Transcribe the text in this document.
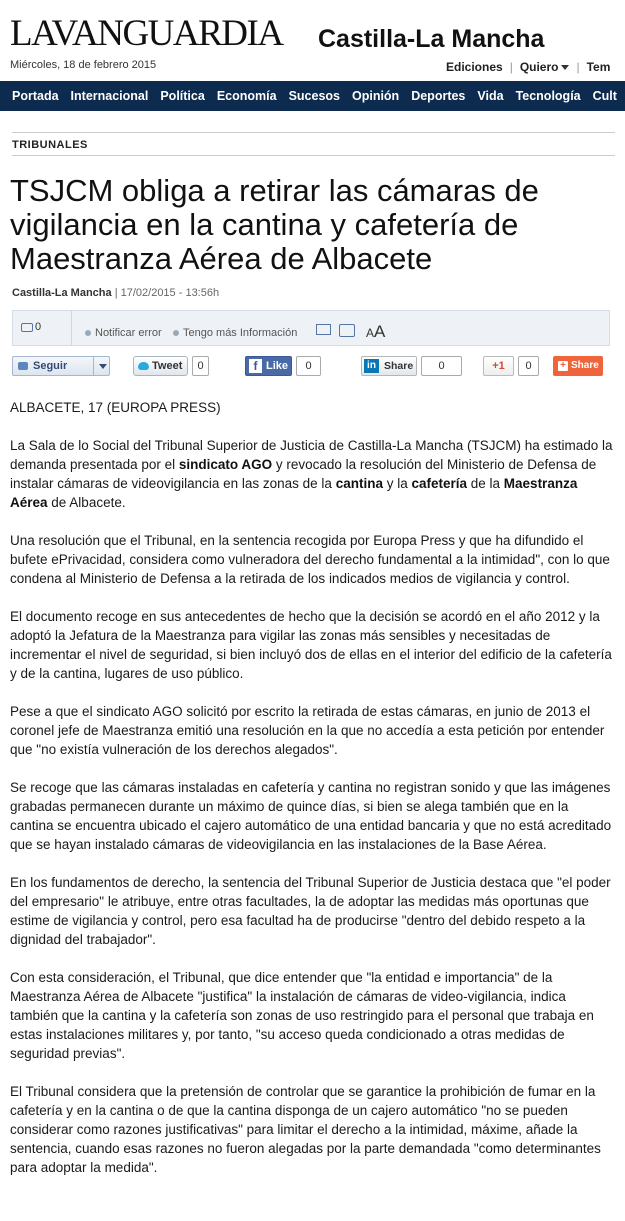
LAVANGUARDIA Castilla-La Mancha
Miércoles, 18 de febrero 2015	Ediciones | Quiero | Tem
Portada Internacional Política Economía Sucesos Opinión Deportes Vida Tecnología Cult
TRIBUNALES
TSJCM obliga a retirar las cámaras de vigilancia en la cantina y cafetería de Maestranza Aérea de Albacete
Castilla-La Mancha | 17/02/2015 - 13:56h
0	Notificar error	Tengo más Información	AA
Seguir	Tweet	0	f Like	0	in Share	0	+1	0	+ Share

ALBACETE, 17 (EUROPA PRESS)

La Sala de lo Social del Tribunal Superior de Justicia de Castilla-La Mancha (TSJCM) ha estimado la demanda presentada por el sindicato AGO y revocado la resolución del Ministerio de Defensa de instalar cámaras de videovigilancia en las zonas de la cantina y la cafetería de la Maestranza Aérea de Albacete.

Una resolución que el Tribunal, en la sentencia recogida por Europa Press y que ha difundido el bufete ePrivacidad, considera como vulneradora del derecho fundamental a la intimidad", con lo que condena al Ministerio de Defensa a la retirada de los indicados medios de vigilancia y control.

El documento recoge en sus antecedentes de hecho que la decisión se acordó en el año 2012 y la adoptó la Jefatura de la Maestranza para vigilar las zonas más sensibles y necesitadas de incrementar el nivel de seguridad, si bien incluyó dos de ellas en el interior del edificio de la cafetería y de la cantina, lugares de uso público.

Pese a que el sindicato AGO solicitó por escrito la retirada de estas cámaras, en junio de 2013 el coronel jefe de Maestranza emitió una resolución en la que no accedía a esta petición por entender que "no existía vulneración de los derechos alegados".

Se recoge que las cámaras instaladas en cafetería y cantina no registran sonido y que las imágenes grabadas permanecen durante un máximo de quince días, si bien se alega también que en la cantina se encuentra ubicado el cajero automático de una entidad bancaria y que no está acreditado que se hayan instalado cámaras de videovigilancia en las instalaciones de la Base Aérea.

En los fundamentos de derecho, la sentencia del Tribunal Superior de Justicia destaca que "el poder del empresario" le atribuye, entre otras facultades, la de adoptar las medidas más oportunas que estime de vigilancia y control, pero esa facultad ha de producirse "dentro del debido respeto a la dignidad del trabajador".

Con esta consideración, el Tribunal, que dice entender que "la entidad e importancia" de la Maestranza Aérea de Albacete "justifica" la instalación de cámaras de video-vigilancia, indica también que la cantina y la cafetería son zonas de uso restringido para el personal que trabaja en estas instalaciones militares y, por tanto, "su acceso queda condicionado a otras medidas de seguridad previas".

El Tribunal considera que la pretensión de controlar que se garantice la prohibición de fumar en la cafetería y en la cantina o de que la cantina disponga de un cajero automático "no se pueden considerar como razones justificativas" para limitar el derecho a la intimidad, máxime, añade la sentencia, cuando esas razones no fueron alegadas por la parte demandada "como determinantes para adoptar la medida".
